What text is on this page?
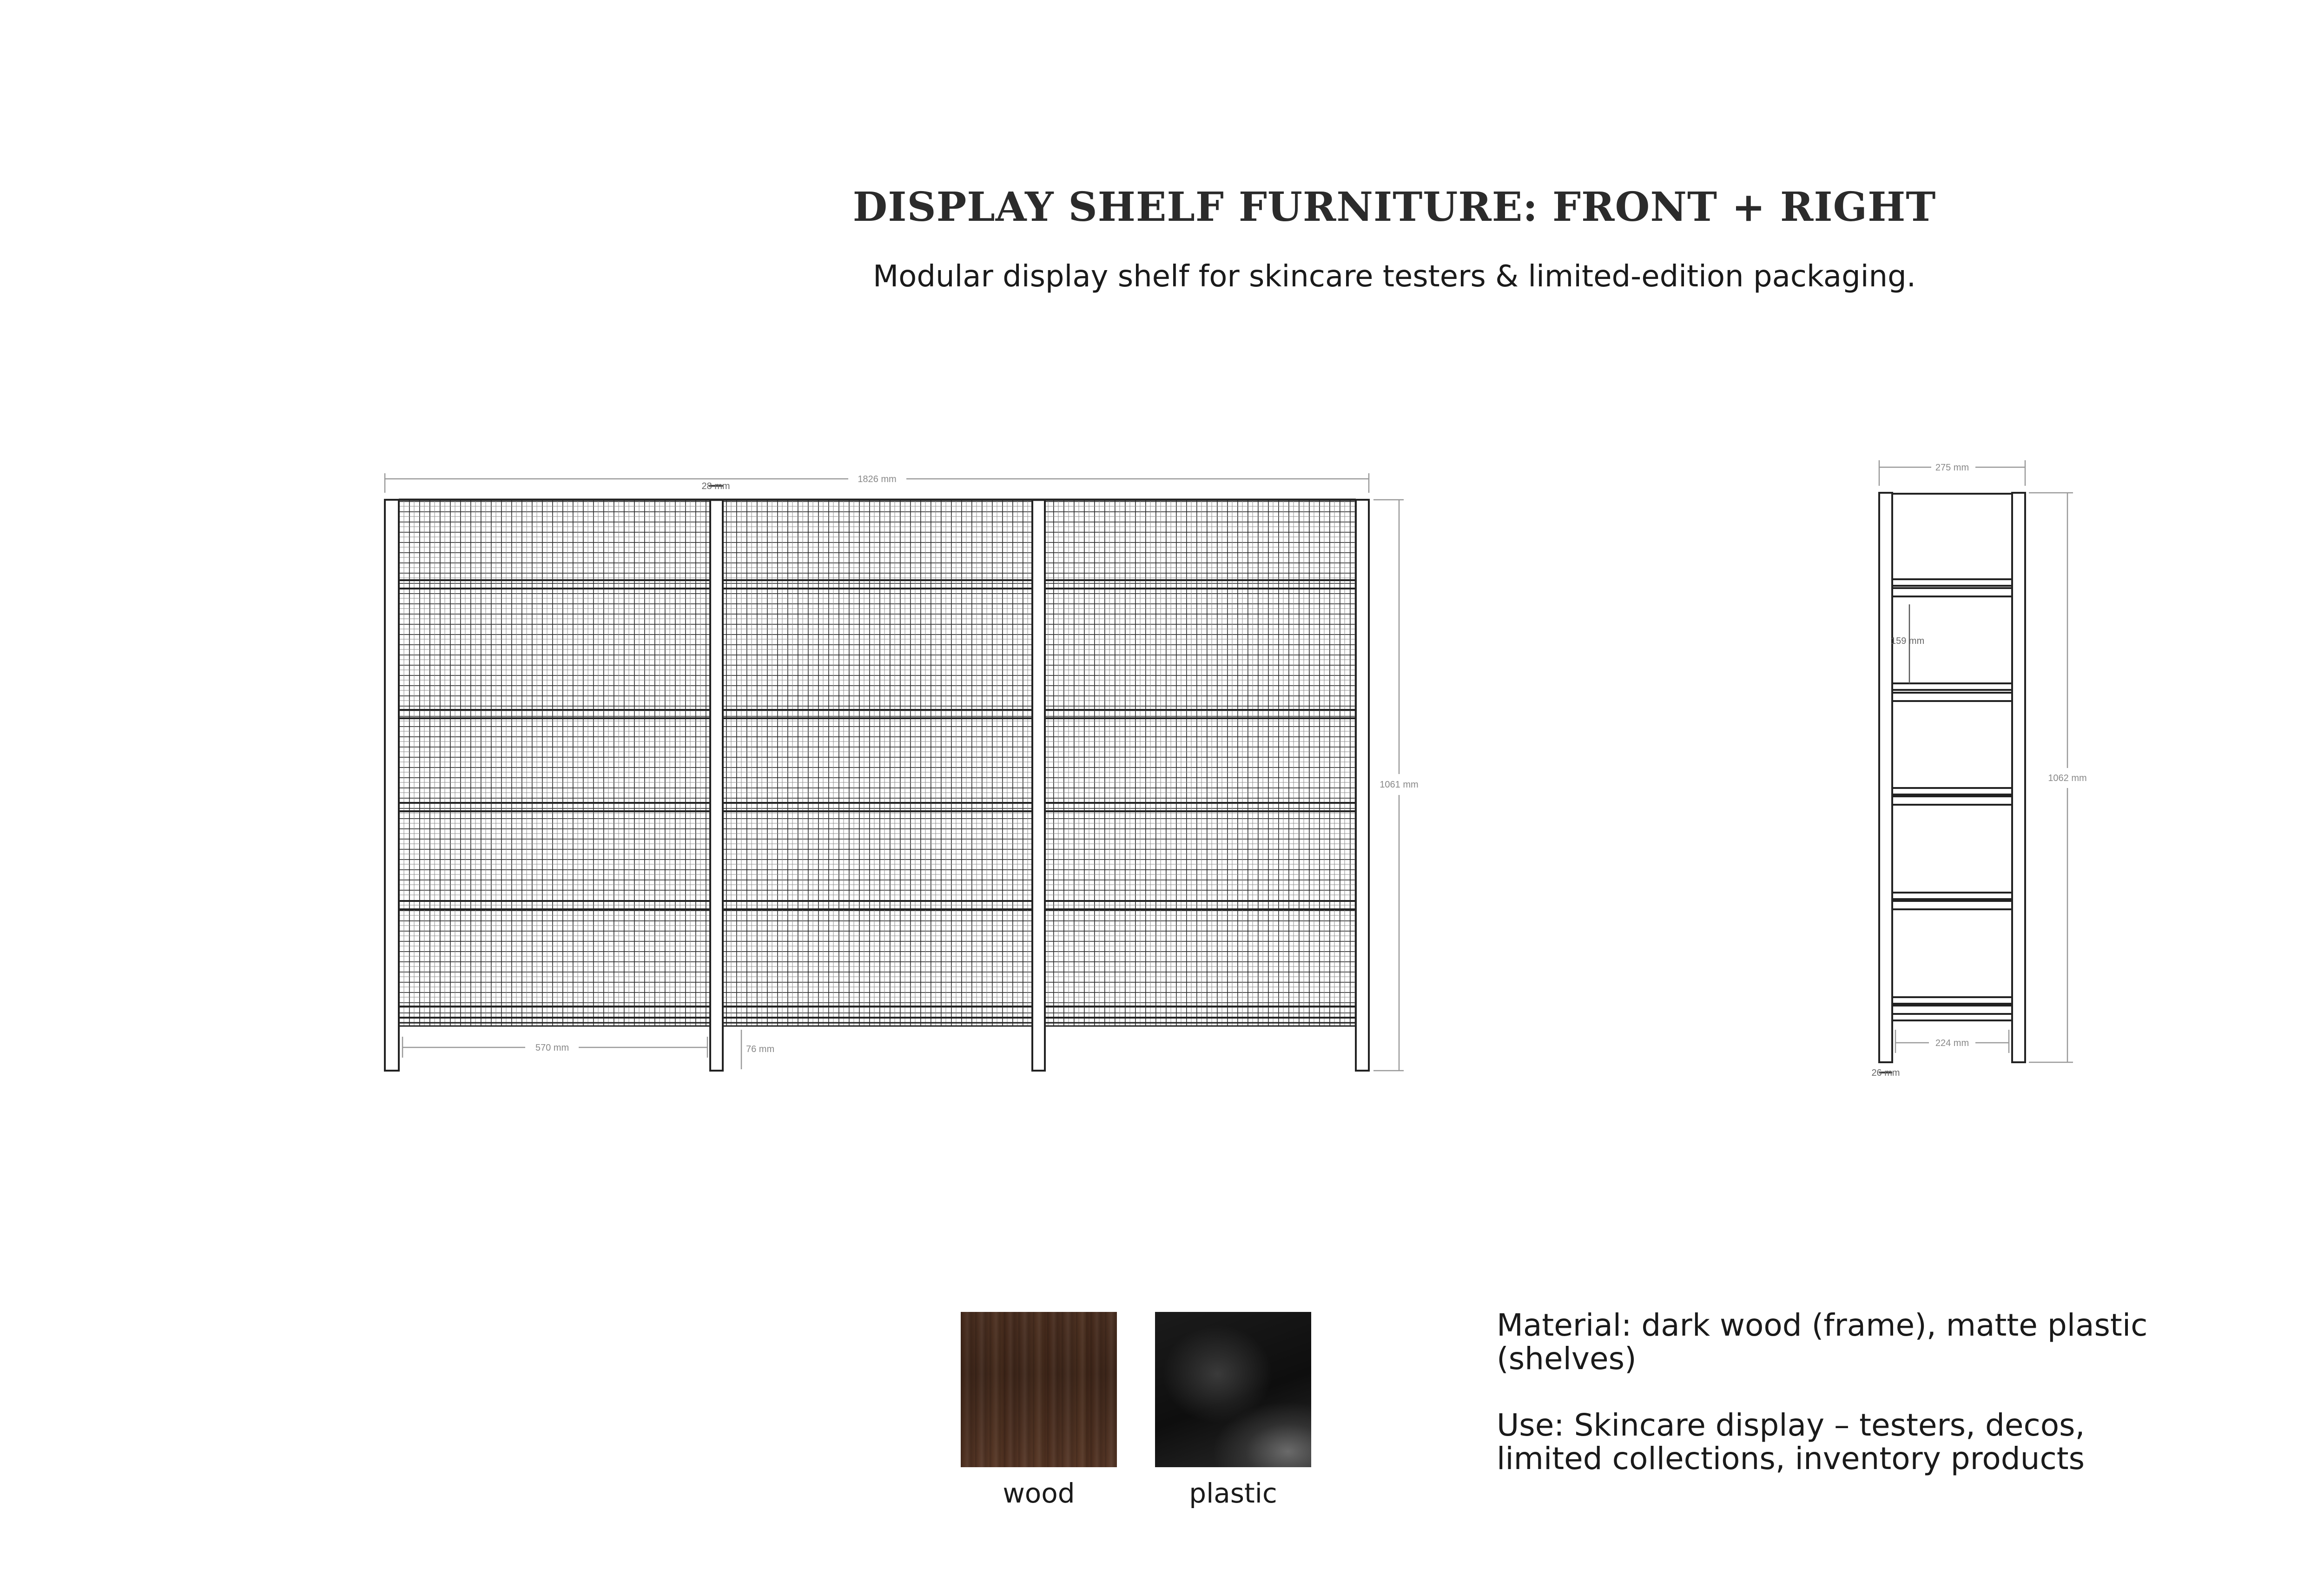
DISPLAY SHELF FURNITURE: FRONT + RIGHT

Modular display shelf for skincare testers & limited-edition packaging.

1826 mm
28 mm
1061 mm
570 mm	76 mm
275 mm
159 mm
1062 mm
224 mm
26 mm
wood	plastic
Material: dark wood (frame), matte plastic (shelves)
Use: Skincare display – testers, decos, limited collections, inventory products
